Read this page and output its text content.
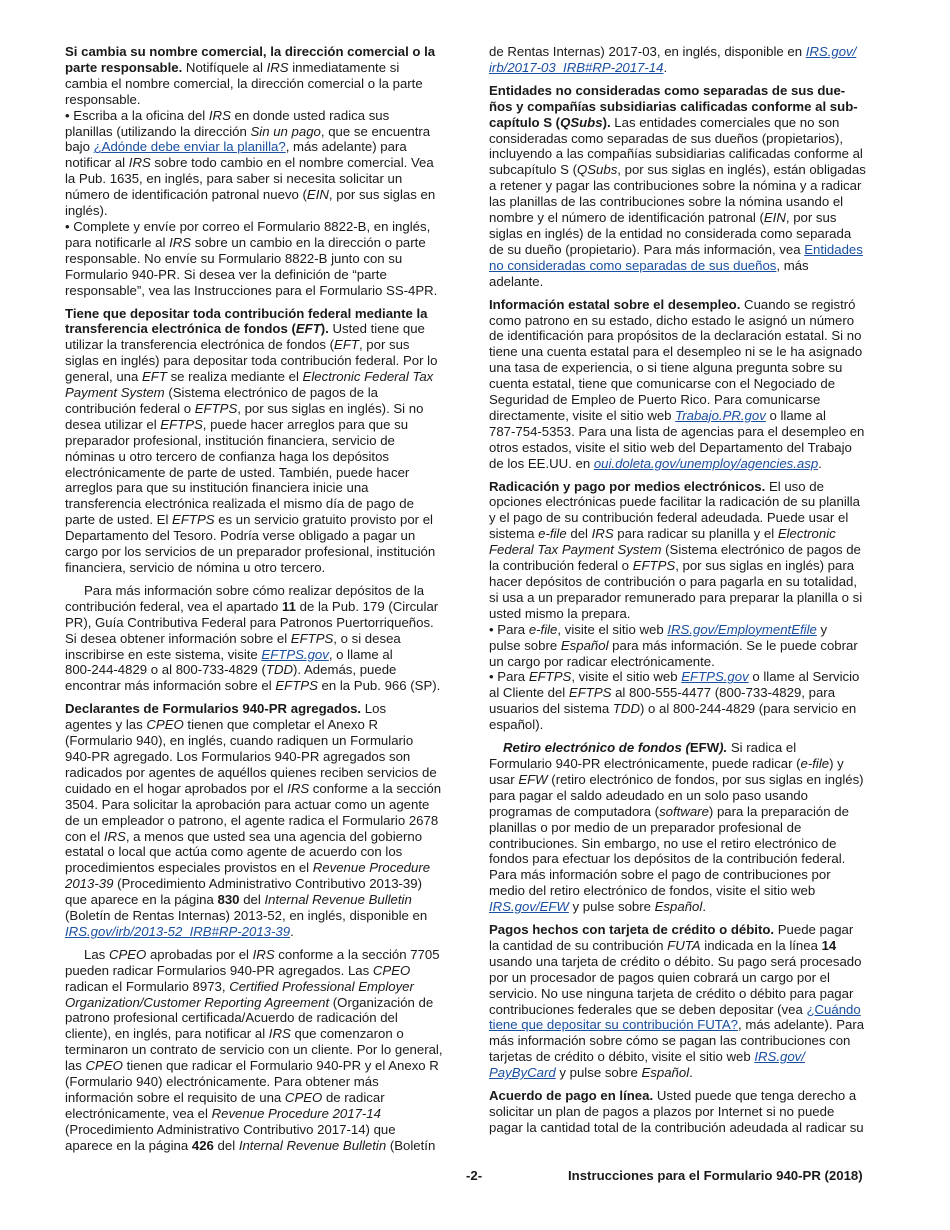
Si cambia su nombre comercial, la dirección comercial o la
parte responsable. Notifíquele al IRS inmediatamente si
cambia el nombre comercial, la dirección comercial o la parte
responsable.
• Escriba a la oficina del IRS en donde usted radica sus
planillas (utilizando la dirección Sin un pago, que se encuentra
bajo ¿Adónde debe enviar la planilla?, más adelante) para
notificar al IRS sobre todo cambio en el nombre comercial. Vea
la Pub. 1635, en inglés, para saber si necesita solicitar un
número de identificación patronal nuevo (EIN, por sus siglas en
inglés).
• Complete y envíe por correo el Formulario 8822-B, en inglés,
para notificarle al IRS sobre un cambio en la dirección o parte
responsable. No envíe su Formulario 8822-B junto con su
Formulario 940-PR. Si desea ver la definición de “parte
responsable”, vea las Instrucciones para el Formulario SS-4PR.
Tiene que depositar toda contribución federal mediante la
transferencia electrónica de fondos (EFT). Usted tiene que
utilizar la transferencia electrónica de fondos (EFT, por sus
siglas en inglés) para depositar toda contribución federal. Por lo
general, una EFT se realiza mediante el Electronic Federal Tax
Payment System (Sistema electrónico de pagos de la
contribución federal o EFTPS, por sus siglas en inglés). Si no
desea utilizar el EFTPS, puede hacer arreglos para que su
preparador profesional, institución financiera, servicio de
nóminas u otro tercero de confianza haga los depósitos
electrónicamente de parte de usted. También, puede hacer
arreglos para que su institución financiera inicie una
transferencia electrónica realizada el mismo día de pago de
parte de usted. El EFTPS es un servicio gratuito provisto por el
Departamento del Tesoro. Podría verse obligado a pagar un
cargo por los servicios de un preparador profesional, institución
financiera, servicio de nómina u otro tercero.
Para más información sobre cómo realizar depósitos de la
contribución federal, vea el apartado 11 de la Pub. 179 (Circular
PR), Guía Contributiva Federal para Patronos Puertorriqueños.
Si desea obtener información sobre el EFTPS, o si desea
inscribirse en este sistema, visite EFTPS.gov, o llame al
800-244-4829 o al 800-733-4829 (TDD). Además, puede
encontrar más información sobre el EFTPS en la Pub. 966 (SP).
Declarantes de Formularios 940-PR agregados. Los
agentes y las CPEO tienen que completar el Anexo R
(Formulario 940), en inglés, cuando radiquen un Formulario
940-PR agregado. Los Formularios 940-PR agregados son
radicados por agentes de aquéllos quienes reciben servicios de
cuidado en el hogar aprobados por el IRS conforme a la sección
3504. Para solicitar la aprobación para actuar como un agente
de un empleador o patrono, el agente radica el Formulario 2678
con el IRS, a menos que usted sea una agencia del gobierno
estatal o local que actúa como agente de acuerdo con los
procedimientos especiales provistos en el Revenue Procedure
2013-39 (Procedimiento Administrativo Contributivo 2013-39)
que aparece en la página 830 del Internal Revenue Bulletin
(Boletín de Rentas Internas) 2013-52, en inglés, disponible en
IRS.gov/irb/2013-52_IRB#RP-2013-39.
Las CPEO aprobadas por el IRS conforme a la sección 7705
pueden radicar Formularios 940-PR agregados. Las CPEO
radican el Formulario 8973, Certified Professional Employer
Organization/Customer Reporting Agreement (Organización de
patrono profesional certificada/Acuerdo de radicación del
cliente), en inglés, para notificar al IRS que comenzaron o
terminaron un contrato de servicio con un cliente. Por lo general,
las CPEO tienen que radicar el Formulario 940-PR y el Anexo R
(Formulario 940) electrónicamente. Para obtener más
información sobre el requisito de una CPEO de radicar
electrónicamente, vea el Revenue Procedure 2017-14
(Procedimiento Administrativo Contributivo 2017-14) que
aparece en la página 426 del Internal Revenue Bulletin (Boletín
de Rentas Internas) 2017-03, en inglés, disponible en IRS.gov/
irb/2017-03_IRB#RP-2017-14.
Entidades no consideradas como separadas de sus due-
ños y compañías subsidiarias calificadas conforme al sub-
capítulo S (QSubs). Las entidades comerciales que no son
consideradas como separadas de sus dueños (propietarios),
incluyendo a las compañías subsidiarias calificadas conforme al
subcapítulo S (QSubs, por sus siglas en inglés), están obligadas
a retener y pagar las contribuciones sobre la nómina y a radicar
las planillas de las contribuciones sobre la nómina usando el
nombre y el número de identificación patronal (EIN, por sus
siglas en inglés) de la entidad no considerada como separada
de su dueño (propietario). Para más información, vea Entidades
no consideradas como separadas de sus dueños, más
adelante.
Información estatal sobre el desempleo. Cuando se registró
como patrono en su estado, dicho estado le asignó un número
de identificación para propósitos de la declaración estatal. Si no
tiene una cuenta estatal para el desempleo ni se le ha asignado
una tasa de experiencia, o si tiene alguna pregunta sobre su
cuenta estatal, tiene que comunicarse con el Negociado de
Seguridad de Empleo de Puerto Rico. Para comunicarse
directamente, visite el sitio web Trabajo.PR.gov o llame al
787-754-5353. Para una lista de agencias para el desempleo en
otros estados, visite el sitio web del Departamento del Trabajo
de los EE.UU. en oui.doleta.gov/unemploy/agencies.asp.
Radicación y pago por medios electrónicos. El uso de
opciones electrónicas puede facilitar la radicación de su planilla
y el pago de su contribución federal adeudada. Puede usar el
sistema e-file del IRS para radicar su planilla y el Electronic
Federal Tax Payment System (Sistema electrónico de pagos de
la contribución federal o EFTPS, por sus siglas en inglés) para
hacer depósitos de contribución o para pagarla en su totalidad,
si usa a un preparador remunerado para preparar la planilla o si
usted mismo la prepara.
• Para e-file, visite el sitio web IRS.gov/EmploymentEfile y
pulse sobre Español para más información. Se le puede cobrar
un cargo por radicar electrónicamente.
• Para EFTPS, visite el sitio web EFTPS.gov o llame al Servicio
al Cliente del EFTPS al 800-555-4477 (800-733-4829, para
usuarios del sistema TDD) o al 800-244-4829 (para servicio en
español).
Retiro electrónico de fondos (EFW). Si radica el
Formulario 940-PR electrónicamente, puede radicar (e-file) y
usar EFW (retiro electrónico de fondos, por sus siglas en inglés)
para pagar el saldo adeudado en un solo paso usando
programas de computadora (software) para la preparación de
planillas o por medio de un preparador profesional de
contribuciones. Sin embargo, no use el retiro electrónico de
fondos para efectuar los depósitos de la contribución federal.
Para más información sobre el pago de contribuciones por
medio del retiro electrónico de fondos, visite el sitio web
IRS.gov/EFW y pulse sobre Español.
Pagos hechos con tarjeta de crédito o débito. Puede pagar
la cantidad de su contribución FUTA indicada en la línea 14
usando una tarjeta de crédito o débito. Su pago será procesado
por un procesador de pagos quien cobrará un cargo por el
servicio. No use ninguna tarjeta de crédito o débito para pagar
contribuciones federales que se deben depositar (vea ¿Cuándo
tiene que depositar su contribución FUTA?, más adelante). Para
más información sobre cómo se pagan las contribuciones con
tarjetas de crédito o débito, visite el sitio web IRS.gov/
PayByCard y pulse sobre Español.
Acuerdo de pago en línea. Usted puede que tenga derecho a
solicitar un plan de pagos a plazos por Internet si no puede
pagar la cantidad total de la contribución adeudada al radicar su
-2-	Instrucciones para el Formulario 940-PR (2018)
